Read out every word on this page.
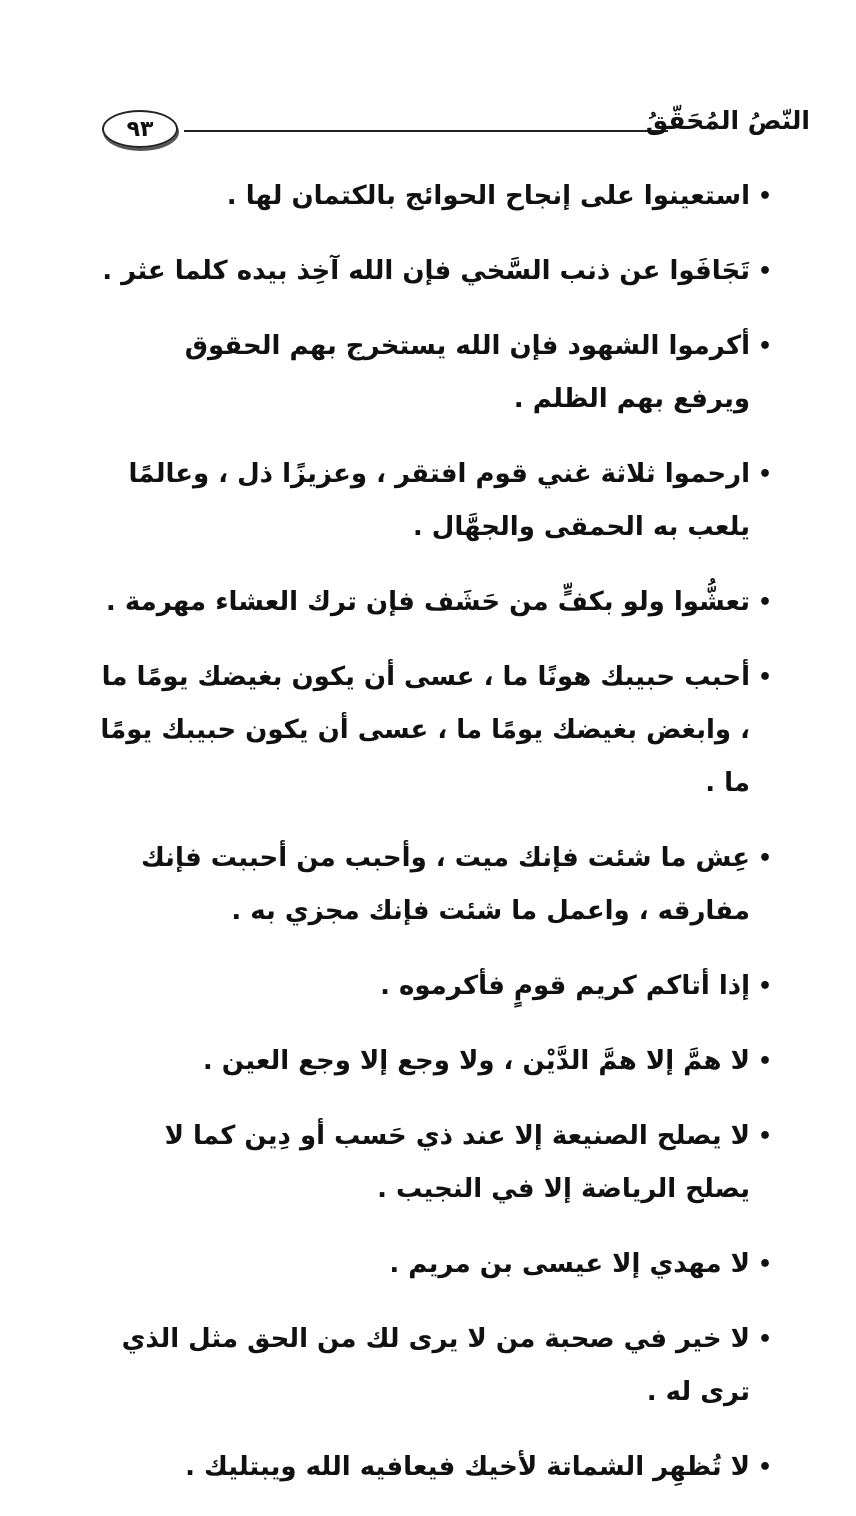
٩٣	النّصُ المُحَقّقُ
•
استعينوا على إنجاح الحوائج بالكتمان لها .
•
تَجَافَوا عن ذنب السَّخي فإن الله آخِذ بيده كلما عثر .
•
أكرموا الشهود فإن الله يستخرج بهم الحقوق ويرفع بهم الظلم .
•
ارحموا ثلاثة غني قوم افتقر ، وعزيزًا ذل ، وعالمًا يلعب به الحمقى والجهَّال .
•
تعشُّوا ولو بكفٍّ من حَشَف فإن ترك العشاء مهرمة .
•
أحبب حبيبك هونًا ما ، عسى أن يكون بغيضك يومًا ما ، وابغض بغيضك يومًا ما ، عسى أن يكون حبيبك يومًا ما .
•
عِش ما شئت فإنك ميت ، وأحبب من أحببت فإنك مفارقه ، واعمل ما شئت فإنك مجزي به .
•
إذا أتاكم كريم قومٍ فأكرموه .
•
لا همَّ إلا همَّ الدَّيْن ، ولا وجع إلا وجع العين .
•
لا يصلح الصنيعة إلا عند ذي حَسب أو دِين كما لا يصلح الرياضة إلا في النجيب .
•
لا مهدي إلا عيسى بن مريم .
•
لا خير في صحبة من لا يرى لك من الحق مثل الذي ترى له .
•
لا تُظهِر الشماتة لأخيك فيعافيه الله ويبتليك .
